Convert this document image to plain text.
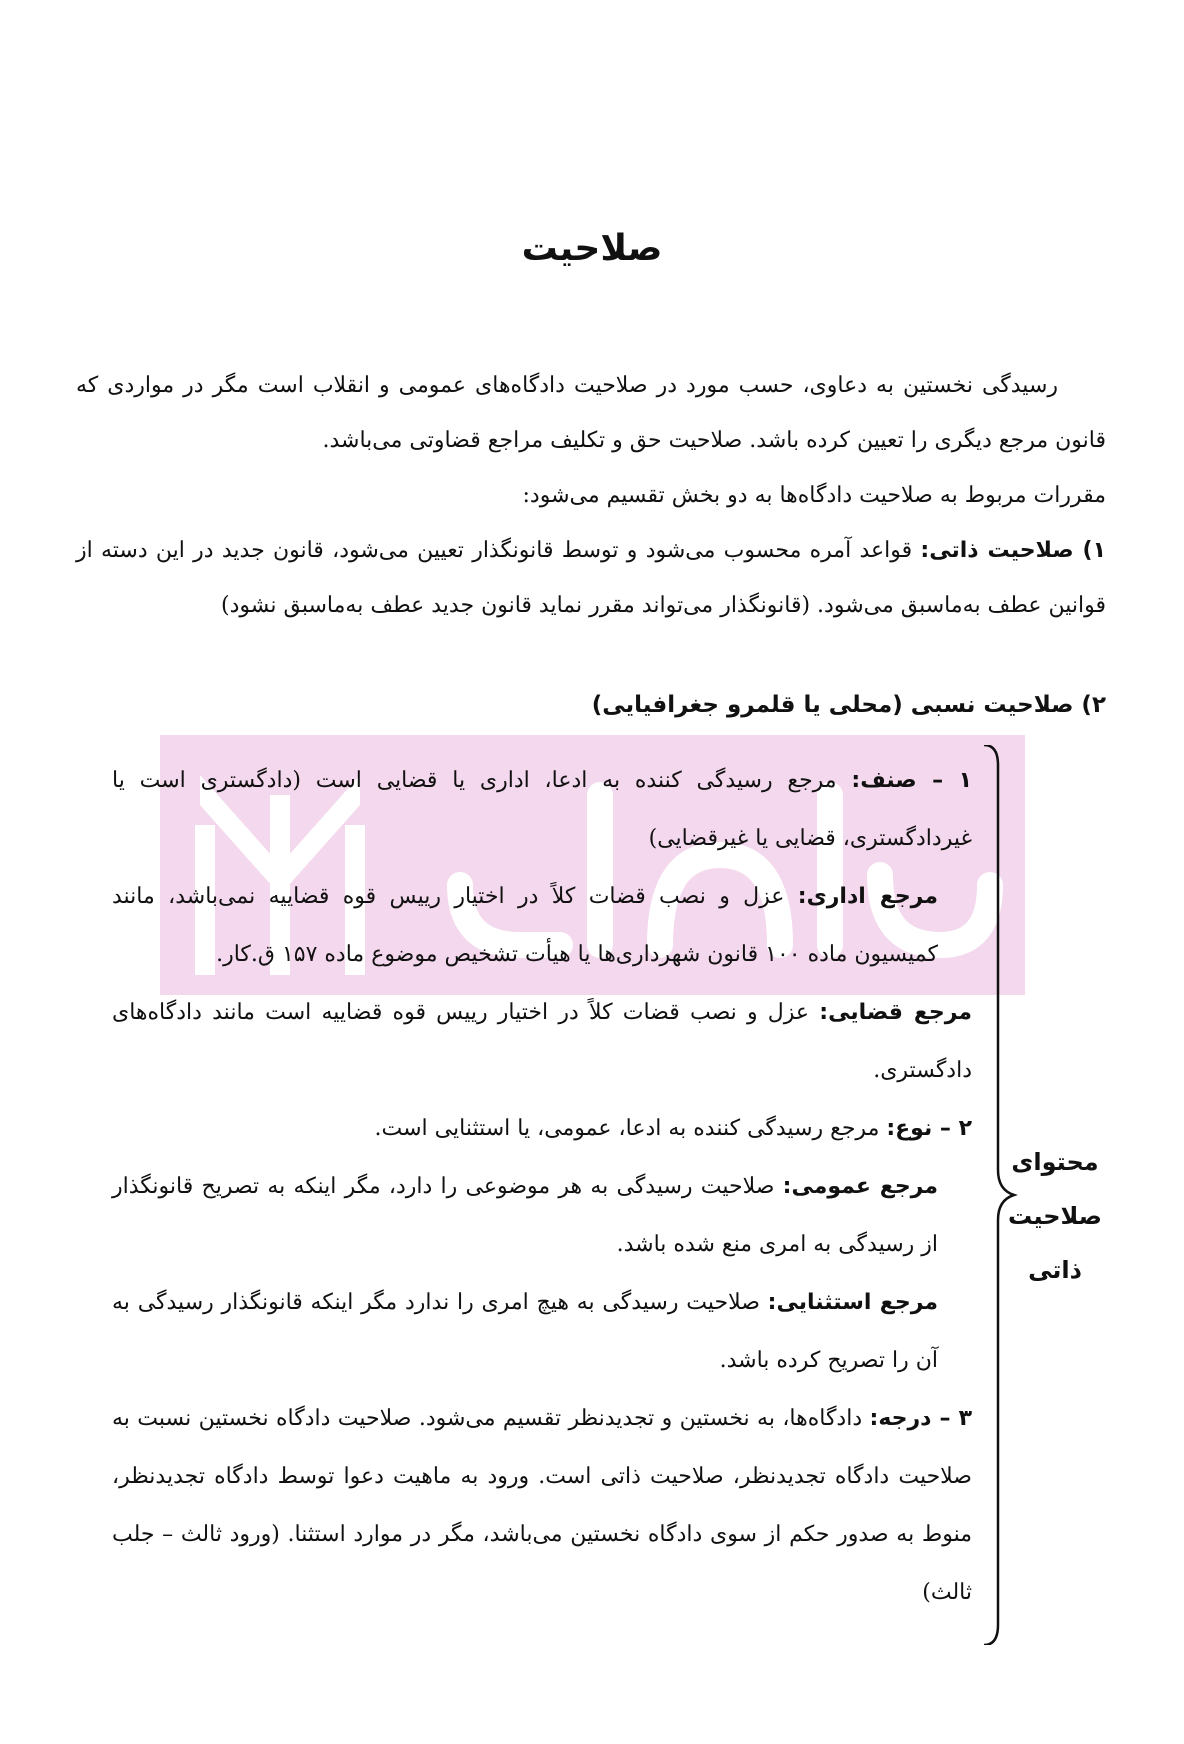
صلاحیت

رسیدگی نخستین به دعاوی، حسب مورد در صلاحیت دادگاه‌های عمومی و انقلاب است مگر در مواردی که قانون مرجع دیگری را تعیین کرده باشد. صلاحیت حق و تکلیف مراجع قضاوتی می‌باشد.

مقررات مربوط به صلاحیت دادگاه‌ها به دو بخش تقسیم می‌شود:

۱) صلاحیت ذاتی: قواعد آمره محسوب می‌شود و توسط قانونگذار تعیین می‌شود، قانون جدید در این دسته از قوانین عطف به‌ماسبق می‌شود. (قانونگذار می‌تواند مقرر نماید قانون جدید عطف به‌ماسبق نشود)

۲) صلاحیت نسبی (محلی یا قلمرو جغرافیایی)
محتوای
صلاحیت
ذاتی

۱ – صنف: مرجع رسیدگی کننده به ادعا، اداری یا قضایی است (دادگستری است یا غیردادگستری، قضایی یا غیرقضایی)

مرجع اداری: عزل و نصب قضات کلاً در اختیار رییس قوه قضاییه نمی‌باشد، مانند کمیسیون ماده ۱۰۰ قانون شهرداری‌ها یا هیأت تشخیص موضوع ماده ۱۵۷ ق.کار.

مرجع قضایی: عزل و نصب قضات کلاً در اختیار رییس قوه قضاییه است مانند دادگاه‌های دادگستری.

۲ – نوع: مرجع رسیدگی کننده به ادعا، عمومی، یا استثنایی است.

مرجع عمومی: صلاحیت رسیدگی به هر موضوعی را دارد، مگر اینکه به تصریح قانونگذار از رسیدگی به امری منع شده باشد.

مرجع استثنایی: صلاحیت رسیدگی به هیچ امری را ندارد مگر اینکه قانونگذار رسیدگی به آن را تصریح کرده باشد.

۳ – درجه: دادگاه‌ها، به نخستین و تجدیدنظر تقسیم می‌شود. صلاحیت دادگاه نخستین نسبت به صلاحیت دادگاه تجدیدنظر، صلاحیت ذاتی است. ورود به ماهیت دعوا توسط دادگاه تجدیدنظر، منوط به صدور حکم از سوی دادگاه نخستین می‌باشد، مگر در موارد استثنا. (ورود ثالث – جلب ثالث)
